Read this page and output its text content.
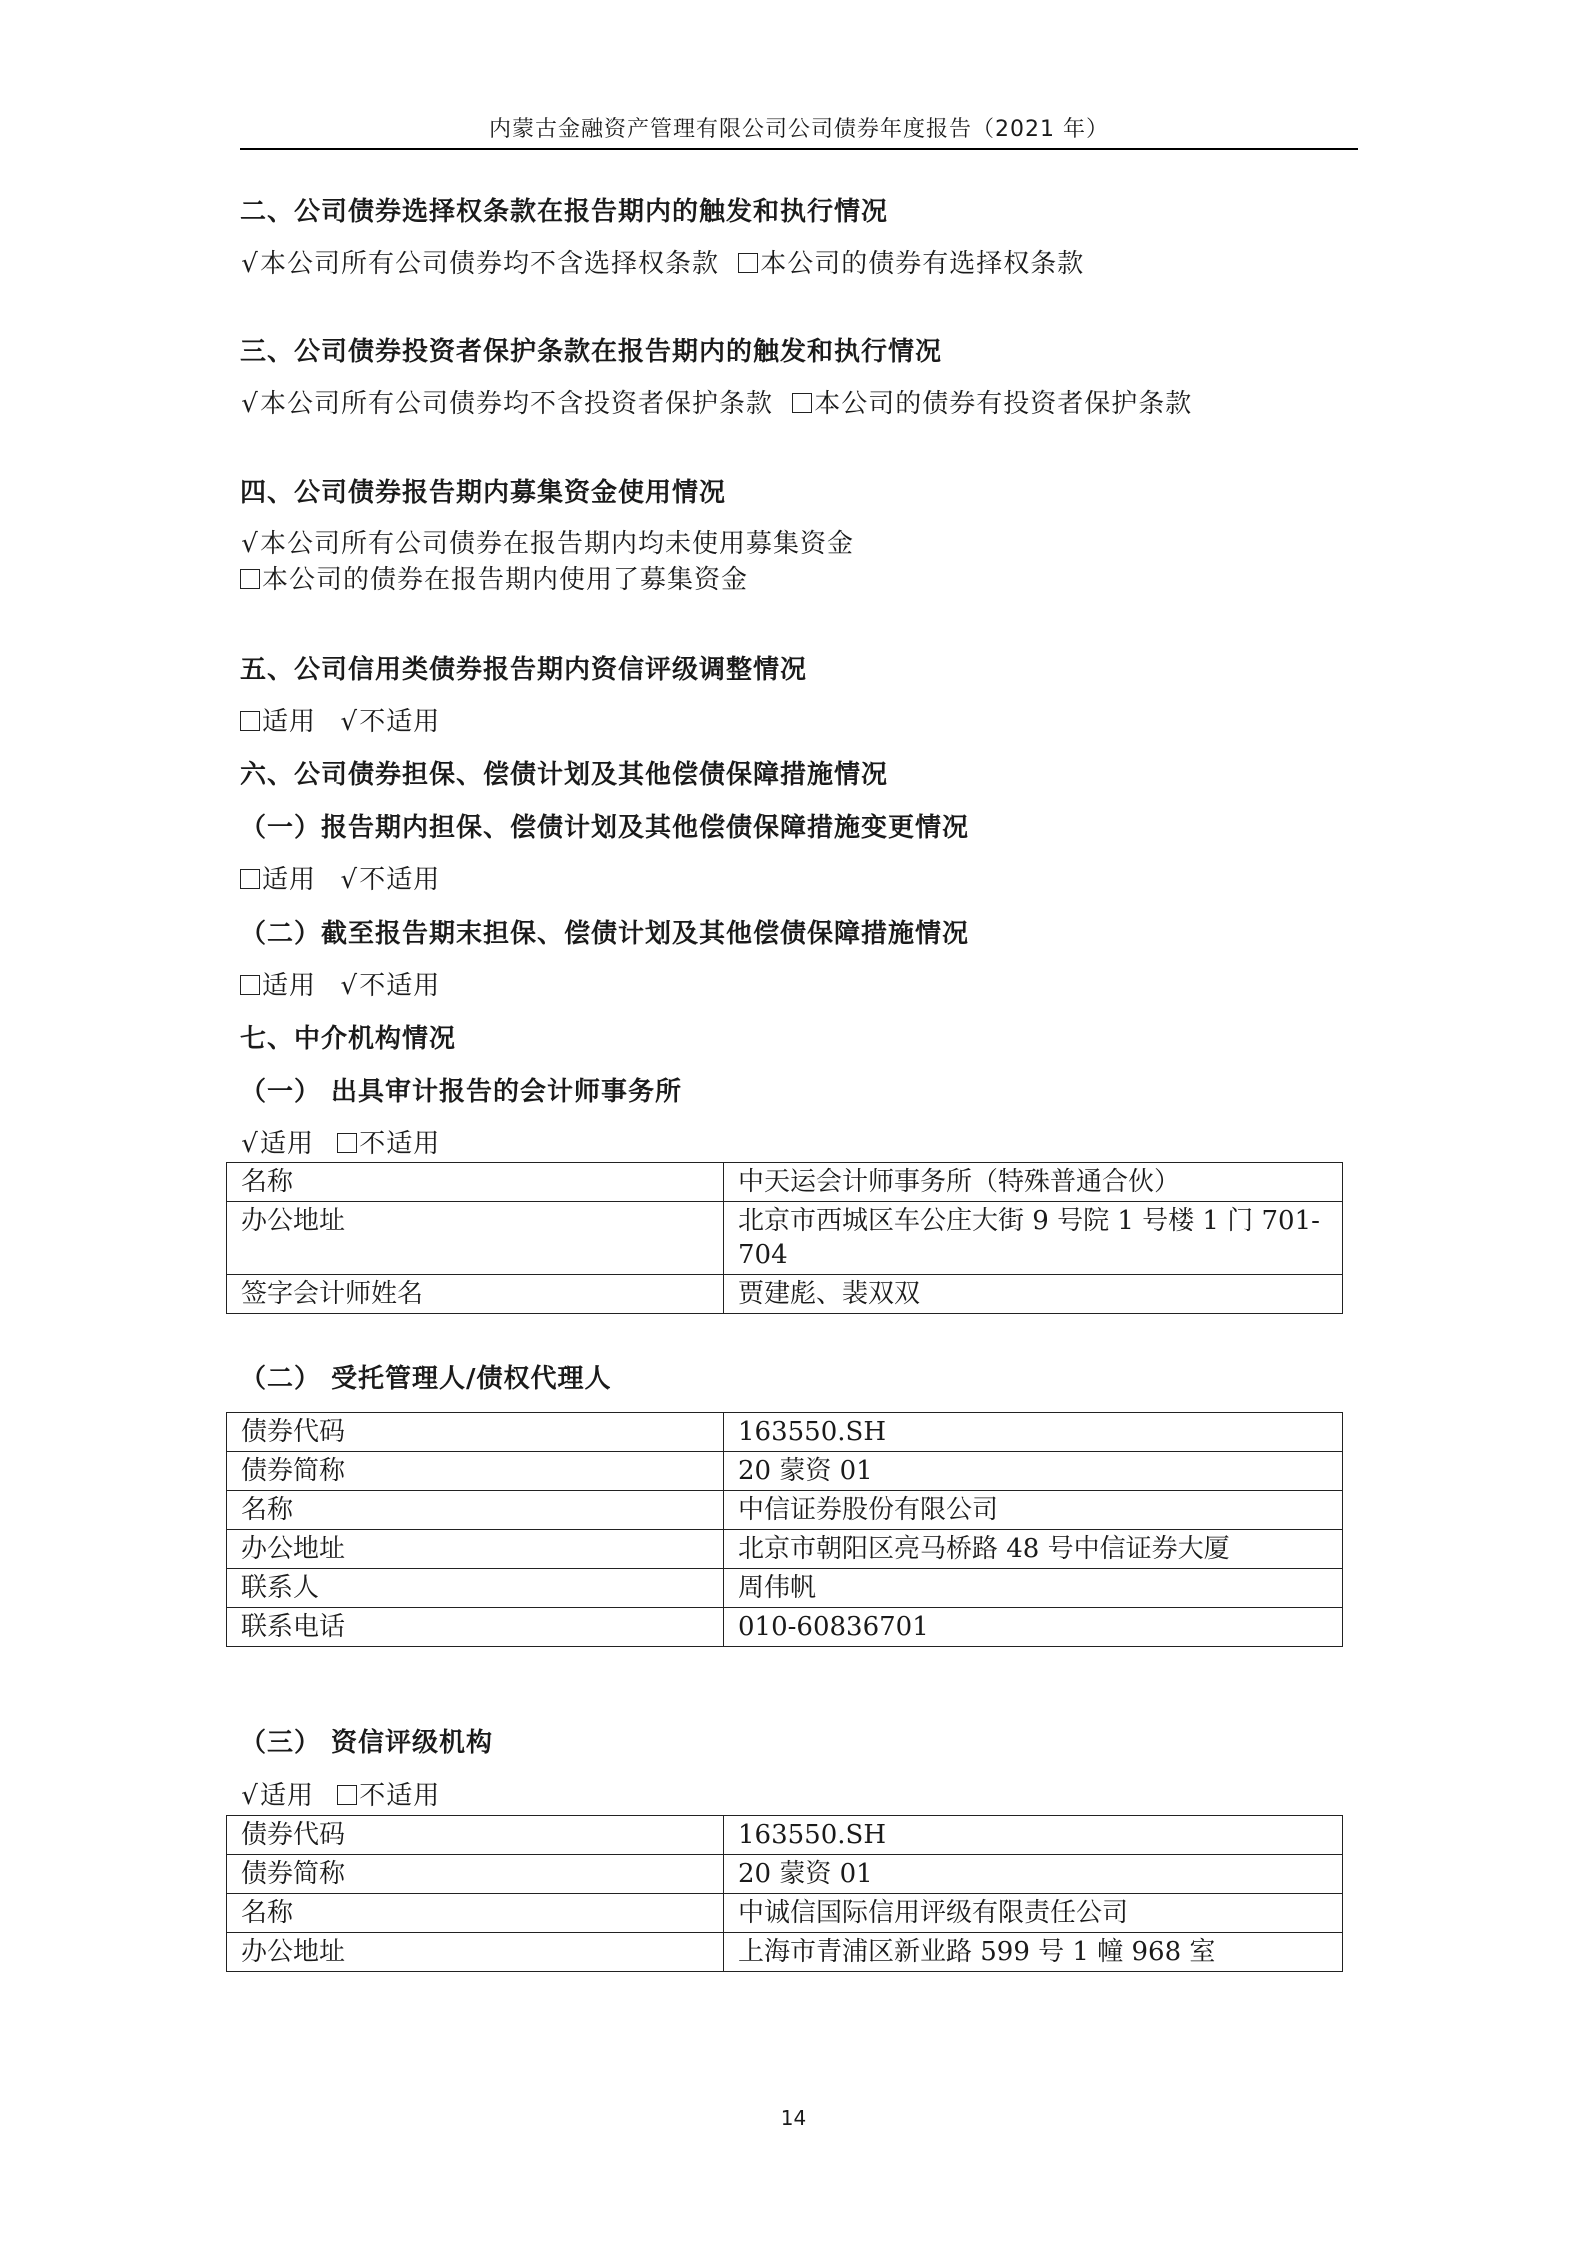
内蒙古金融资产管理有限公司公司债券年度报告（2021 年）
二、公司债券选择权条款在报告期内的触发和执行情况
√本公司所有公司债券均不含选择权条款 本公司的债券有选择权条款
三、公司债券投资者保护条款在报告期内的触发和执行情况
√本公司所有公司债券均不含投资者保护条款 本公司的债券有投资者保护条款
四、公司债券报告期内募集资金使用情况
√本公司所有公司债券在报告期内均未使用募集资金
本公司的债券在报告期内使用了募集资金
五、公司信用类债券报告期内资信评级调整情况
适用 √不适用
六、公司债券担保、偿债计划及其他偿债保障措施情况
（一）报告期内担保、偿债计划及其他偿债保障措施变更情况
适用 √不适用
（二）截至报告期末担保、偿债计划及其他偿债保障措施情况
适用 √不适用
七、中介机构情况
（一） 出具审计报告的会计师事务所
√适用 不适用
名称	中天运会计师事务所（特殊普通合伙）
办公地址	北京市西城区车公庄大街 9 号院 1 号楼 1 门 701-704
签字会计师姓名	贾建彪、裴双双
（二） 受托管理人/债权代理人
债券代码	163550.SH
债券简称	20 蒙资 01
名称	中信证券股份有限公司
办公地址	北京市朝阳区亮马桥路 48 号中信证券大厦
联系人	周伟帆
联系电话	010-60836701
（三） 资信评级机构
√适用 不适用
债券代码	163550.SH
债券简称	20 蒙资 01
名称	中诚信国际信用评级有限责任公司
办公地址	上海市青浦区新业路 599 号 1 幢 968 室
14
